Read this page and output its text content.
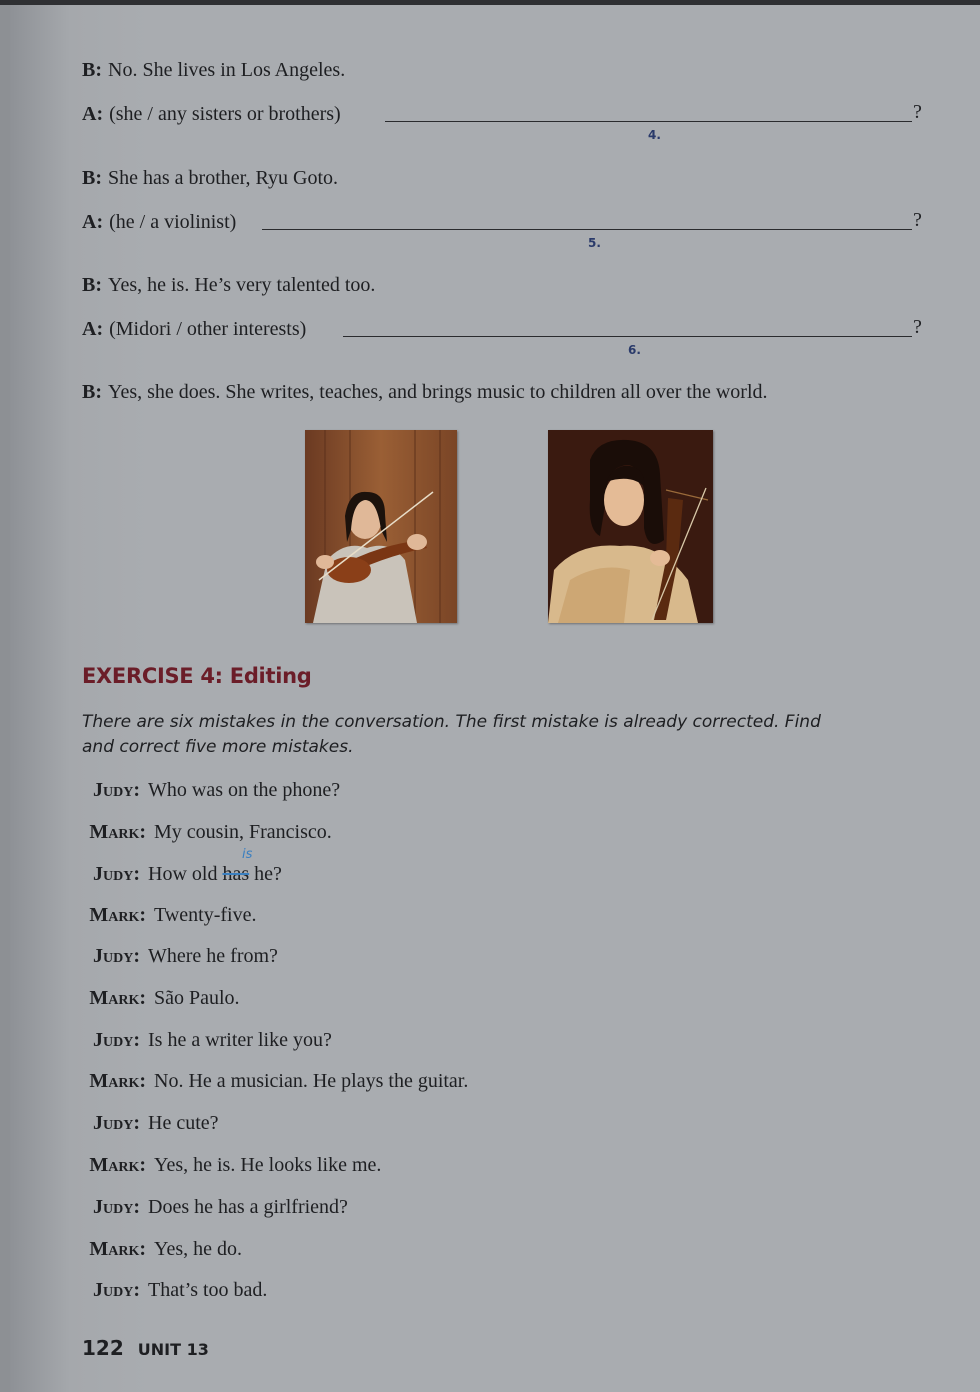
B: No. She lives in Los Angeles.
A: (she / any sisters or brothers)	?
4.
B: She has a brother, Ryu Goto.
A: (he / a violinist)	?
5.
B: Yes, he is. He’s very talented too.
A: (Midori / other interests)	?
6.
B: Yes, she does. She writes, teaches, and brings music to children all over the world.
EXERCISE 4: Editing
There are six mistakes in the conversation. The first mistake is already corrected. Find and correct five more mistakes.
Judy: Who was on the phone?
Mark: My cousin, Francisco.
is
Judy: How old has he?
Mark: Twenty-five.
Judy: Where he from?
Mark: São Paulo.
Judy: Is he a writer like you?
Mark: No. He a musician. He plays the guitar.
Judy: He cute?
Mark: Yes, he is. He looks like me.
Judy: Does he has a girlfriend?
Mark: Yes, he do.
Judy: That’s too bad.
122 UNIT 13
